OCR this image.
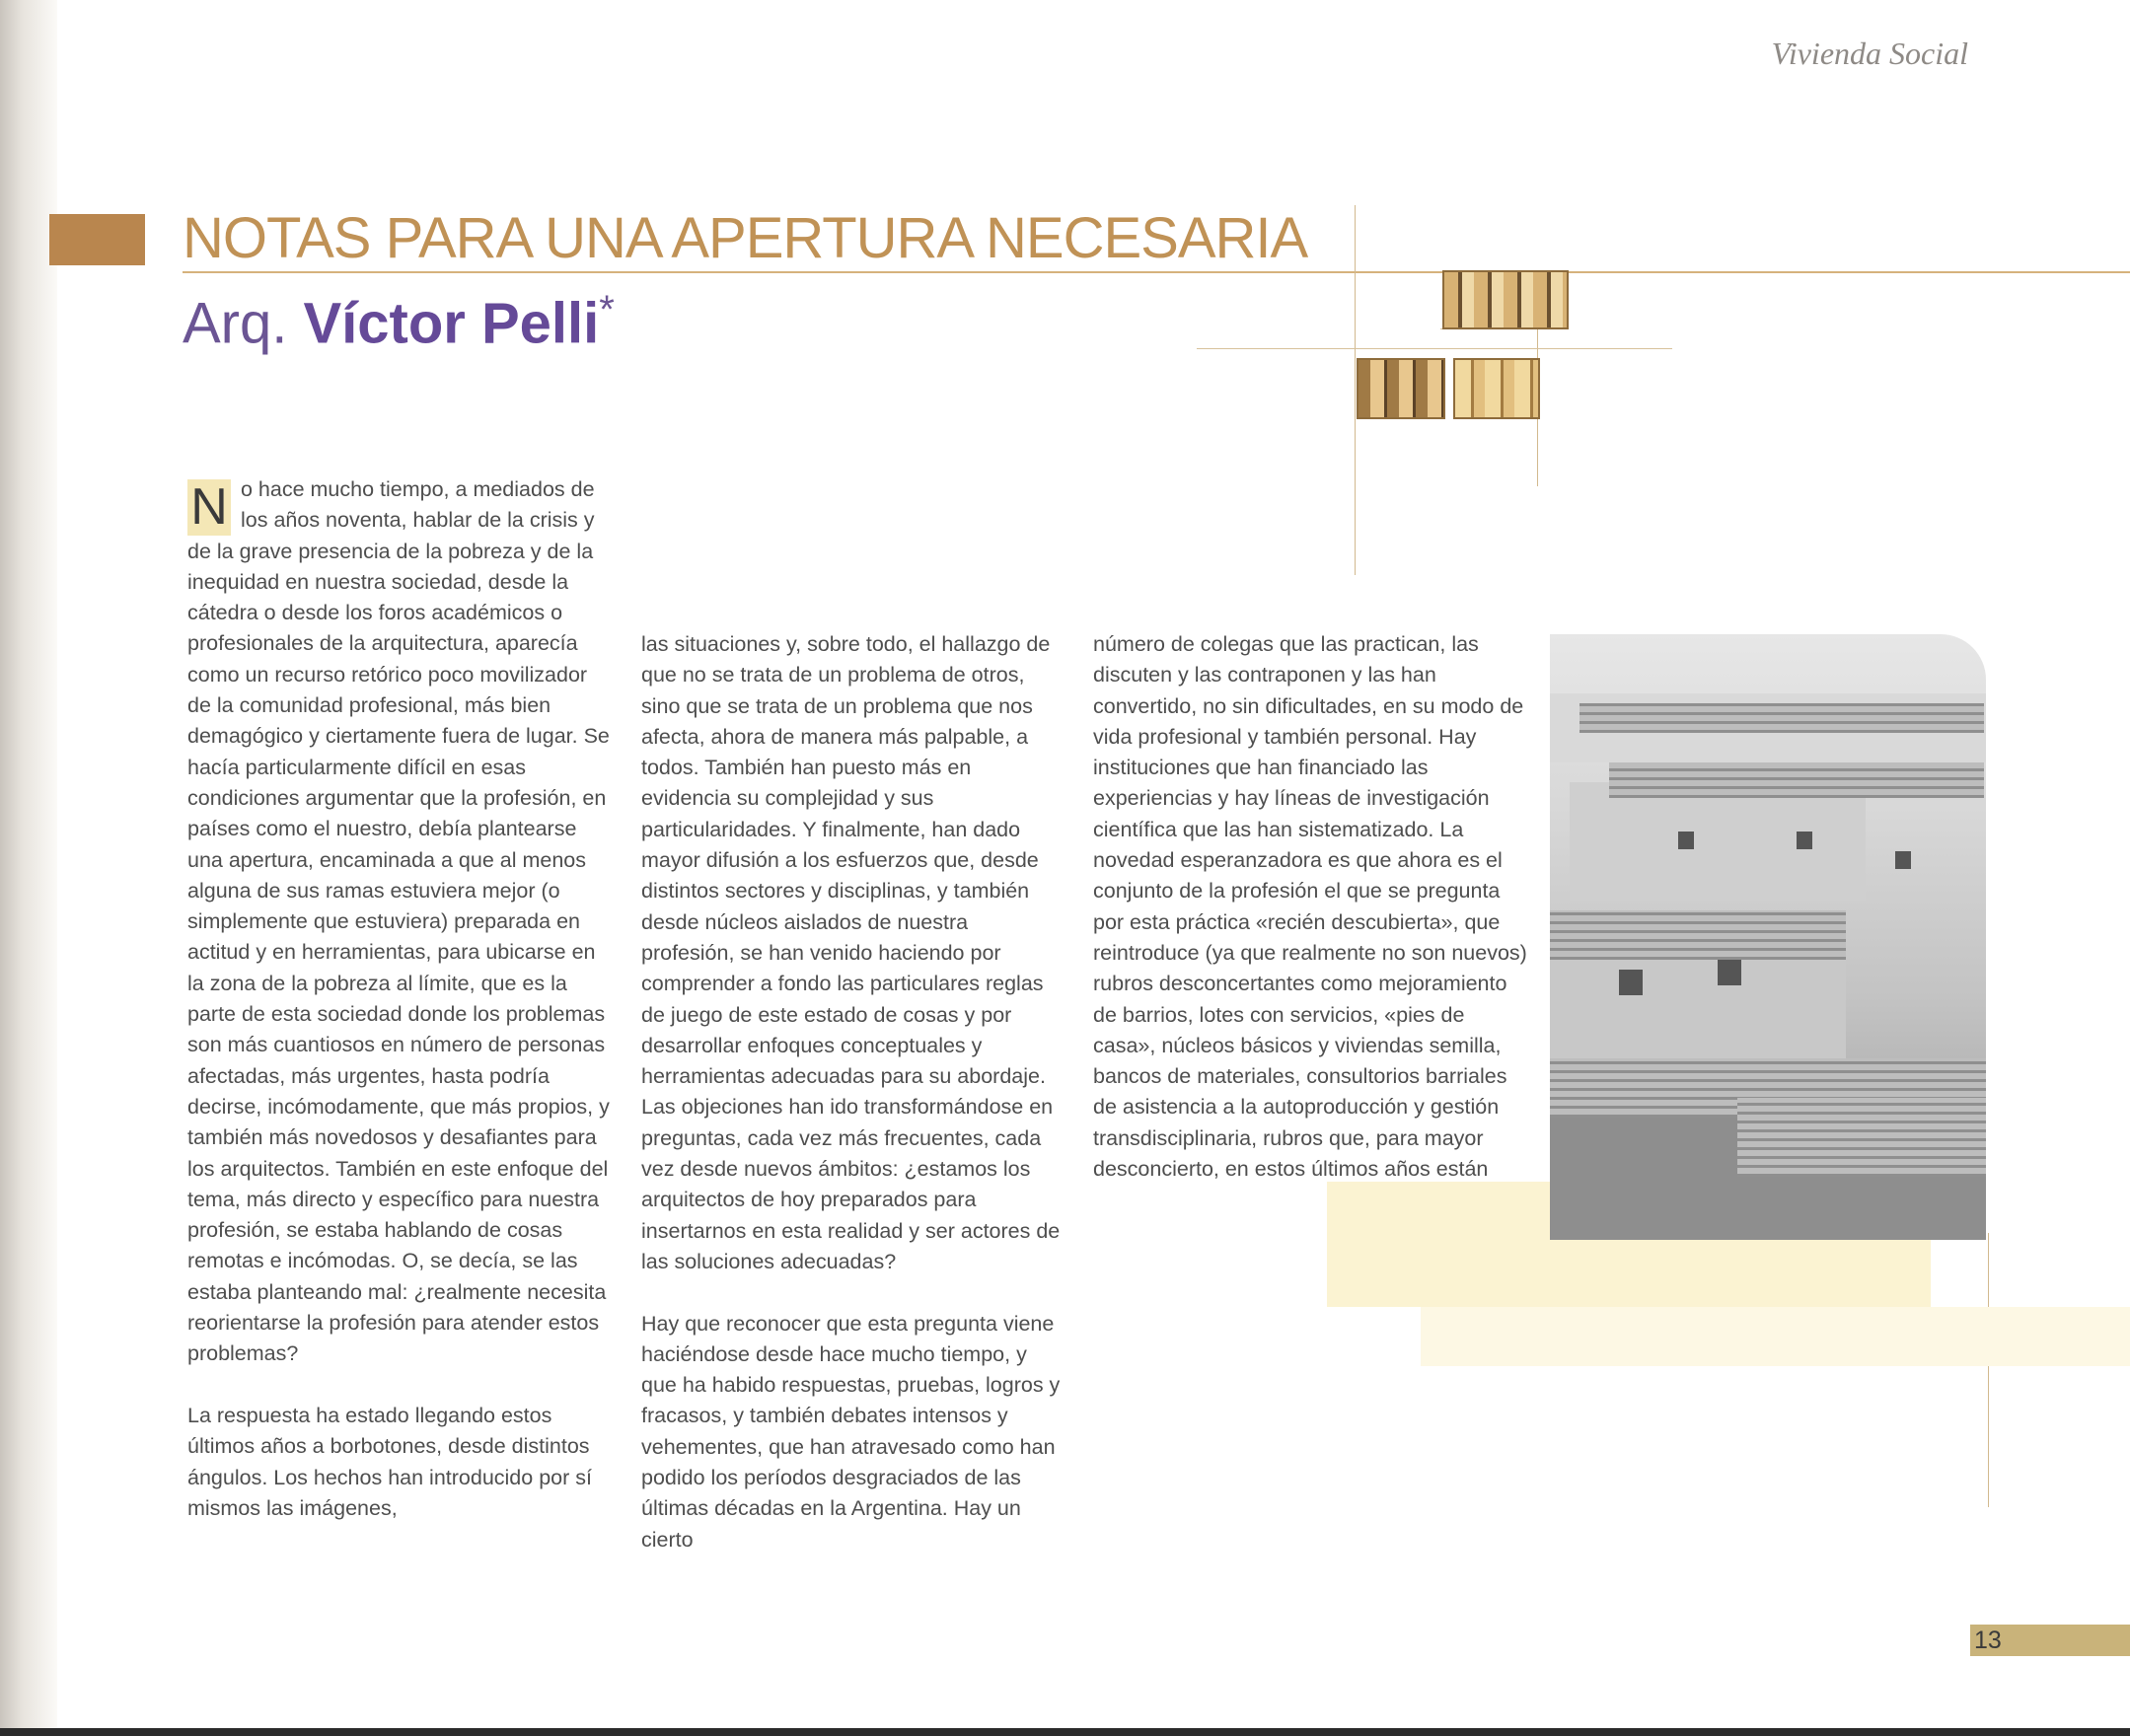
Vivienda Social
NOTAS PARA UNA APERTURA NECESARIA
Arq. Víctor Pelli*

N o hace mucho tiempo, a mediados de los años noventa, hablar de la crisis y de la grave presencia de la pobreza y de la inequidad en nuestra sociedad, desde la cátedra o desde los foros académicos o profesionales de la arquitectura, aparecía como un recurso retórico poco movilizador de la comunidad profesional, más bien demagógico y ciertamente fuera de lugar. Se hacía particularmente difícil en esas condiciones argumentar que la profesión, en países como el nuestro, debía plantearse una apertura, encaminada a que al menos alguna de sus ramas estuviera mejor (o simplemente que estuviera) preparada en actitud y en herramientas, para ubicarse en la zona de la pobreza al límite, que es la parte de esta sociedad donde los problemas son más cuantiosos en número de personas afectadas, más urgentes, hasta podría decirse, incómodamente, que más propios, y también más novedosos y desafiantes para los arquitectos. También en este enfoque del tema, más directo y específico para nuestra profesión, se estaba hablando de cosas remotas e incómodas. O, se decía, se las estaba planteando mal: ¿realmente necesita reorientarse la profesión para atender estos problemas?

La respuesta ha estado llegando estos últimos años a borbotones, desde distintos ángulos. Los hechos han introducido por sí mismos las imágenes,

las situaciones y, sobre todo, el hallazgo de que no se trata de un problema de otros, sino que se trata de un problema que nos afecta, ahora de manera más palpable, a todos. También han puesto más en evidencia su complejidad y sus particularidades. Y finalmente, han dado mayor difusión a los esfuerzos que, desde distintos sectores y disciplinas, y también desde núcleos aislados de nuestra profesión, se han venido haciendo por comprender a fondo las particulares reglas de juego de este estado de cosas y por desarrollar enfoques conceptuales y herramientas adecuadas para su abordaje. Las objeciones han ido transformándose en preguntas, cada vez más frecuentes, cada vez desde nuevos ámbitos: ¿estamos los arquitectos de hoy preparados para insertarnos en esta realidad y ser actores de las soluciones adecuadas?

Hay que reconocer que esta pregunta viene haciéndose desde hace mucho tiempo, y que ha habido respuestas, pruebas, logros y fracasos, y también debates intensos y vehementes, que han atravesado como han podido los períodos desgraciados de las últimas décadas en la Argentina. Hay un cierto

número de colegas que las practican, las discuten y las contraponen y las han convertido, no sin dificultades, en su modo de vida profesional y también personal. Hay instituciones que han financiado las experiencias y hay líneas de investigación científica que las han sistematizado. La novedad esperanzadora es que ahora es el conjunto de la profesión el que se pregunta por esta práctica «recién descubierta», que reintroduce (ya que realmente no son nuevos) rubros desconcertantes como mejoramiento de barrios, lotes con servicios, «pies de casa», núcleos básicos y viviendas semilla, bancos de materiales, consultorios barriales de asistencia a la autoproducción y gestión transdisciplinaria, rubros que, para mayor desconcierto, en estos últimos años están

13
